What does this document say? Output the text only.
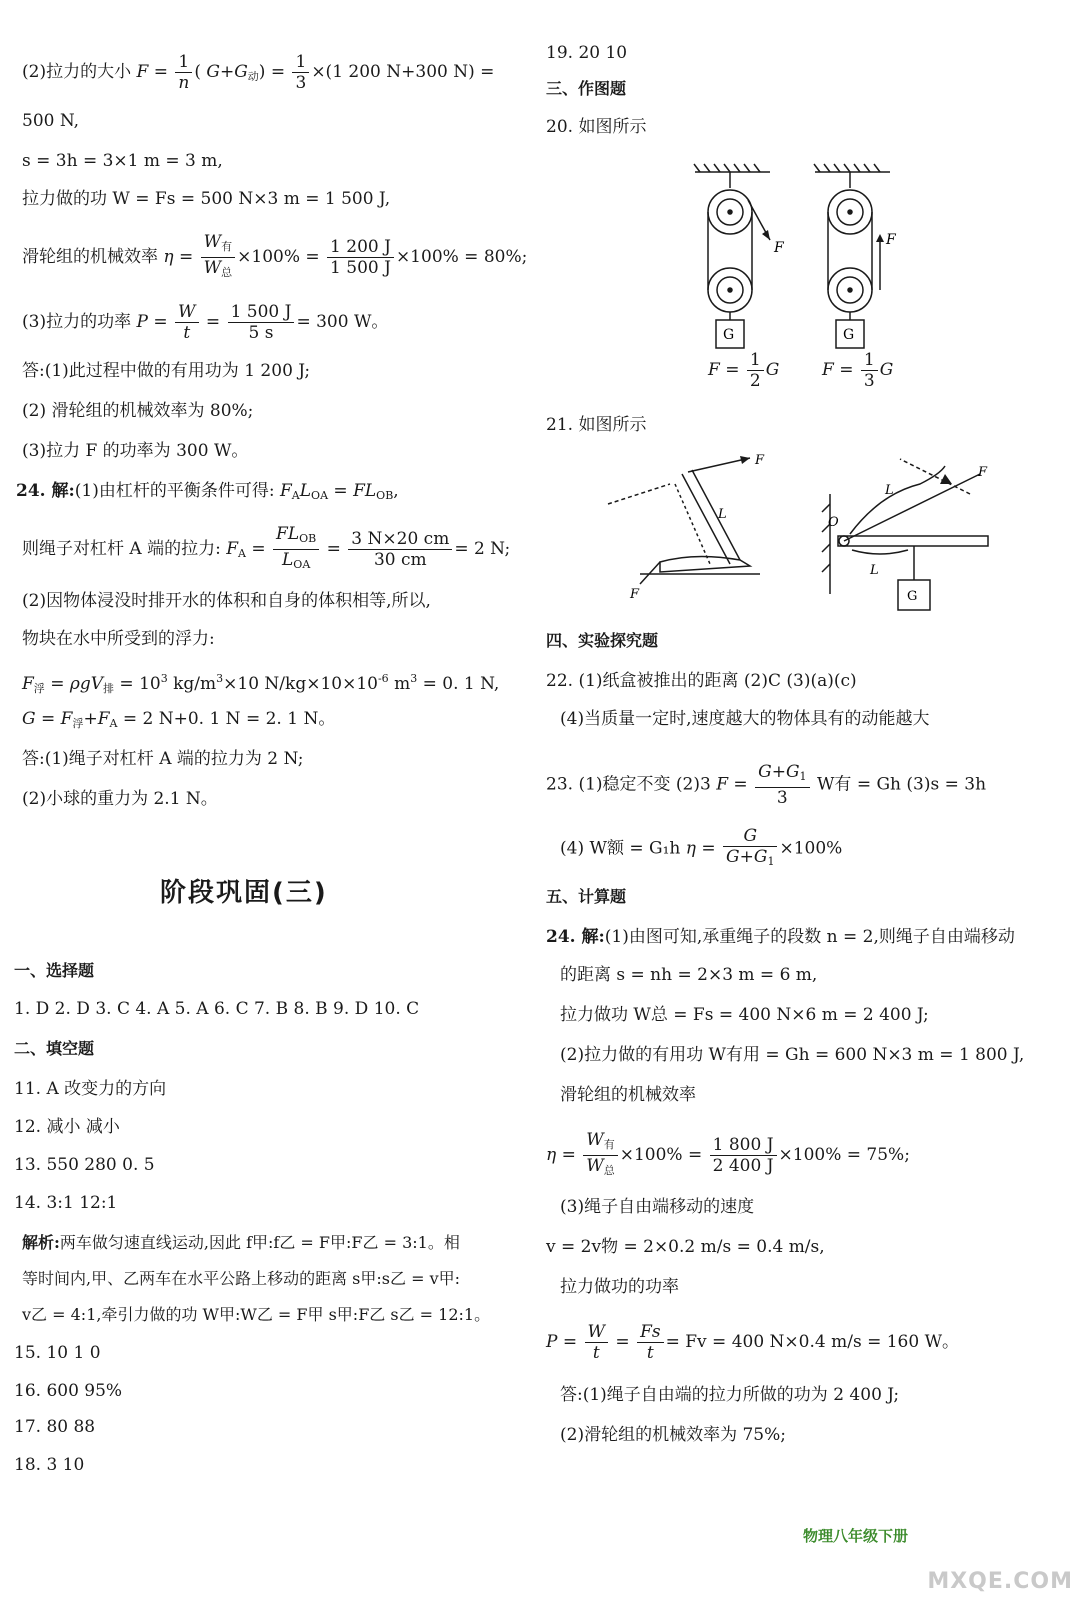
(2)拉力的大小 $F = \frac{1}{n}$ ( $G+G_动) = \frac{1}{3} \times(1$ 200 N+300 N) =
500 N,
s = 3h = 3×1 m = 3 m,
拉力做的功 W = Fs = 500 N×3 m = 1 500 J,
滑轮组的机械效率 $\eta = \frac{W_有}{W_总} \times 100\% = \frac{1 200 J}{1 500 J} \times 100\% = 80\%$;
(3)拉力的功率 $P = \frac{W}{t} = \frac{1 500 J}{5 s} = 300$ W。
答:(1)此过程中做的有用功为 1 200 J;
(2) 滑轮组的机械效率为 80%;
(3)拉力 F 的功率为 300 W。
24. 解:(1)由杠杆的平衡条件可得: $F_AL_{OA} = FL_{OB}$,
则绳子对杠杆 A 端的拉力: $F_A = \frac{FL_{OB}}{L_{OA}} = \frac{3 N\times 20 cm}{30 cm} = 2$ N;
(2)因物体浸没时排开水的体积和自身的体积相等,所以,
物块在水中所受到的浮力:
$F_浮 = \rho gV_排 = 10^3$ $kg/m^3\times 10$ $N/kg\times 10\times 10^{-6}$ $m^3 = 0$. 1 N,
$G = F_浮+F_A = 2$ N+0. 1 N = 2. 1 N。
答:(1)绳子对杠杆 A 端的拉力为 2 N;
(2)小球的重力为 2.1 N。
一、选择题
1. D 2. D 3. C 4. A 5. A 6. C 7. B 8. B 9. D 10. C
二、填空题
11. A 改变力的方向
12. 减小 减小
13. 550 280 0. 5
14. 3:1 12:1
解析:两车做匀速直线运动,因此 f甲:f乙 = F甲:F乙 = 3:1。相
等时间内,甲、乙两车在水平公路上移动的距离 s甲:s乙 = v甲:
v乙 = 4:1,牵引力做的功 W甲:W乙 = F甲 s甲:F乙 s乙 = 12:1。
15. 10 1 0
16. 600 95%
17. 80 88
18. 3 10
阶段巩固(三)
19. 20 10
三、作图题
20. 如图所示
F	F
G	G
$F = \frac{1}{2}$ G	$F = \frac{1}{3}$ G
21. 如图所示
F
F
L
O
L
L
F
G
四、实验探究题
22. (1)纸盒被推出的距离 (2)C (3)(a)(c)
(4)当质量一定时,速度越大的物体具有的动能越大
23. (1)稳定不变 (2)3 $F = \frac{G+G_1}{3}$ W有 = Gh (3)s = 3h
(4) W额 = G₁h $\eta = \frac{G}{G+G_1} \times 100\%$
五、计算题
24. 解:(1)由图可知,承重绳子的段数 n = 2,则绳子自由端移动
的距离 s = nh = 2×3 m = 6 m,
拉力做功 W总 = Fs = 400 N×6 m = 2 400 J;
(2)拉力做的有用功 W有用 = Gh = 600 N×3 m = 1 800 J,
滑轮组的机械效率
$\eta = \frac{W_有}{W_总} \times 100\% = \frac{1 800 J}{2 400 J} \times 100\% = 75\%$;
(3)绳子自由端移动的速度
v = 2v物 = 2×0.2 m/s = 0.4 m/s,
拉力做功的功率
$P = \frac{W}{t} = \frac{Fs}{t} = Fv = 400$ N×0.4 m/s = 160 W。
答:(1)绳子自由端的拉力所做的功为 2 400 J;
(2)滑轮组的机械效率为 75%;
物理八年级下册
MXQE.COM
